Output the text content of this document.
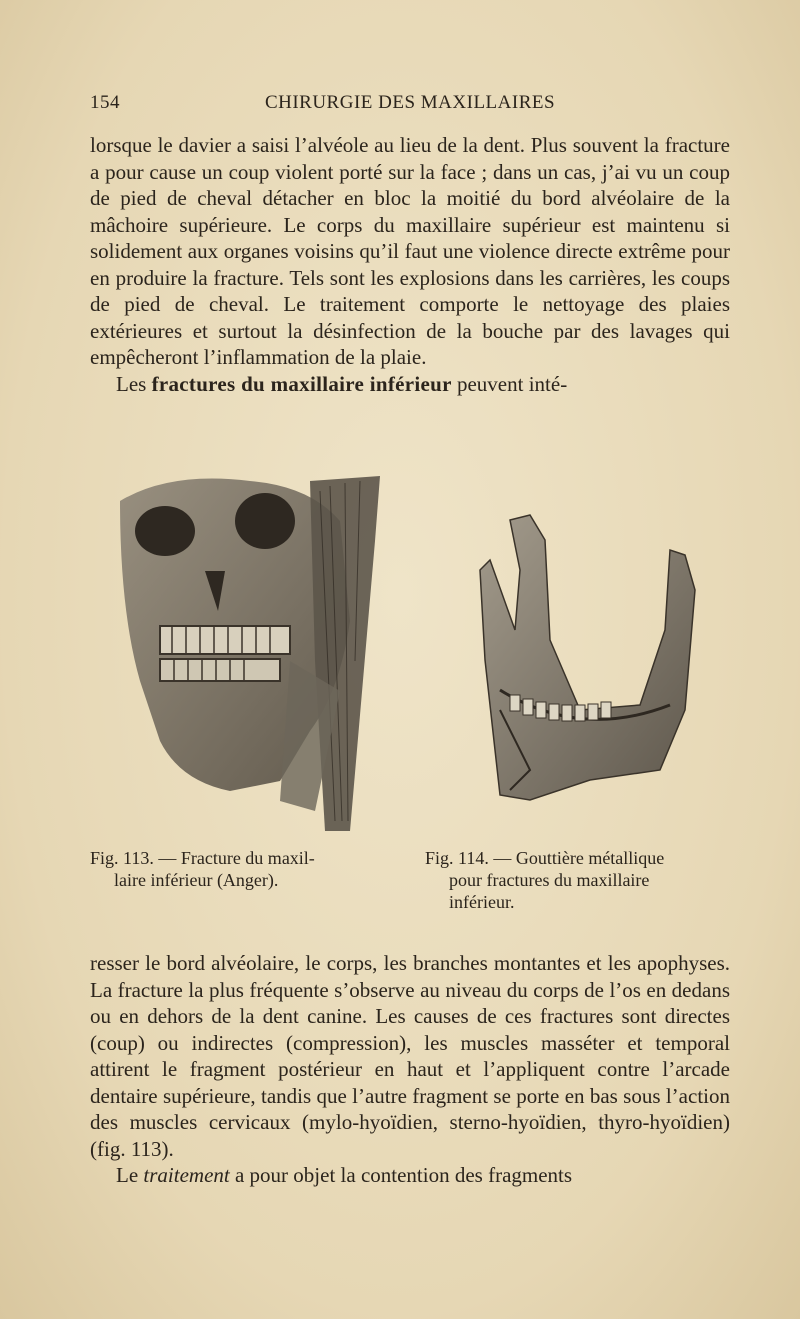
154	CHIRURGIE DES MAXILLAIRES

lorsque le davier a saisi l’alvéole au lieu de la dent. Plus souvent la fracture a pour cause un coup violent porté sur la face ; dans un cas, j’ai vu un coup de pied de cheval détacher en bloc la moitié du bord alvéolaire de la mâchoire supérieure. Le corps du maxillaire supérieur est maintenu si solidement aux organes voisins qu’il faut une violence directe extrême pour en produire la fracture. Tels sont les explosions dans les carrières, les coups de pied de cheval. Le traitement comporte le nettoyage des plaies extérieures et surtout la désinfection de la bouche par des lavages qui empêcheront l’inflammation de la plaie.

Les fractures du maxillaire inférieur peuvent inté-

Fig. 113. — Fracture du maxil-
laire inférieur (Anger).
Fig. 114. — Gouttière métallique
pour fractures du maxillaire
inférieur.

resser le bord alvéolaire, le corps, les branches montantes et les apophyses. La fracture la plus fréquente s’observe au niveau du corps de l’os en dedans ou en dehors de la dent canine. Les causes de ces fractures sont directes (coup) ou indirectes (compression), les muscles masséter et temporal attirent le fragment postérieur en haut et l’appliquent contre l’arcade dentaire supérieure, tandis que l’autre fragment se porte en bas sous l’action des muscles cervicaux (mylo-hyoïdien, sterno-hyoïdien, thyro-hyoïdien) (fig. 113).

Le traitement a pour objet la contention des fragments
